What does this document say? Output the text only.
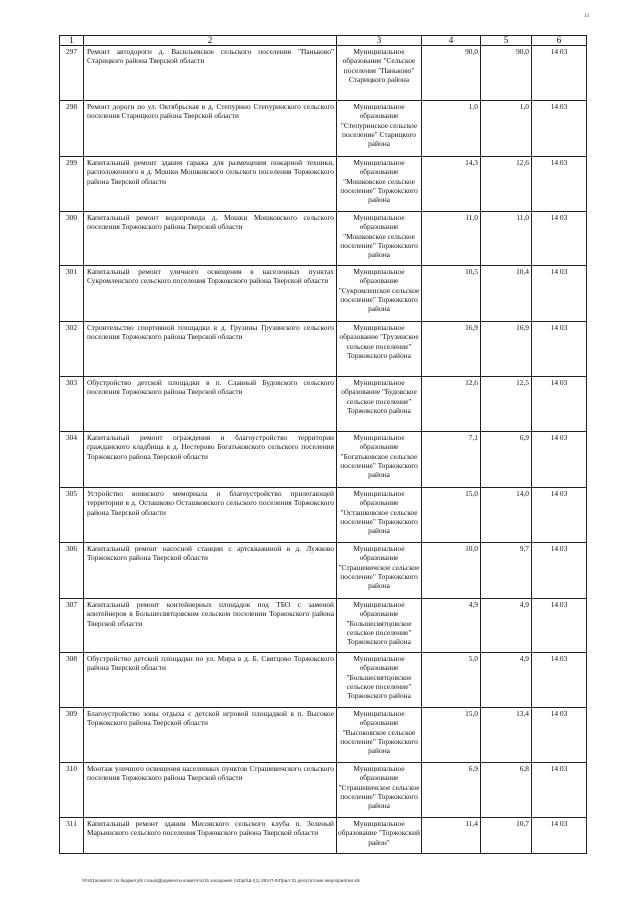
33
1	2	3	4	5	6
297	Ремонт автодороги д. Васильевское сельского поселения "Паньково" Старицкого района Тверской области	Муниципальное образование "Сельское поселение "Паньково" Старицкого района	90,0	90,0	14 03
298	Ремонт дороги по ул. Октябрьская в д. Степурино Степуринского сельского поселения Старицкого района Тверской области	Муниципальное образование "Степуринское сельское поселение" Старицкого района	1,0	1,0	14 03
299	Капитальный ремонт здания гаража для размещения пожарной техники, расположенного в д. Мошки Мошковского сельского поселения Торжокского района Тверской области	Муниципальное образование "Мошковское сельское поселение" Торжокского района	14,3	12,6	14 03
300	Капитальный ремонт водопровода д. Мошки Мошковского сельского поселения Торжокского района Тверской области	Муниципальное образование "Мошковское сельское поселение" Торжокского района	11,0	11,0	14 03
301	Капитальный ремонт уличного освещения в населенных пунктах Сукромленского сельского поселения Торжокского района Тверской области	Муниципальное образование "Сукромленское сельское поселение" Торжокского района	10,5	10,4	14 03
302	Строительство спортивной площадки в д. Грузины Грузинского сельского поселения Торжокского района Тверской области	Муниципальное образование "Грузинское сельское поселение" Торжокского района	16,9	16,9	14 03
303	Обустройство детской площадки в п. Славный Будовского сельского поселения Торжокского района Тверской области	Муниципальное образование "Будовское сельское поселение" Торжокского района	12,6	12,5	14 03
304	Капитальный ремонт ограждения и благоустройство территории гражданского кладбища в д. Нестерово Богатьковского сельского поселения Торжокского района Тверской области	Муниципальное образование "Богатьковское сельское поселение" Торжокского района	7,1	6,9	14 03
305	Устройство воинского мемориала и благоустройство прилегающей территории в д. Осташково Осташковского сельского поселения Торжокского района Тверской области	Муниципальное образование "Осташковское сельское поселение" Торжокского района	15,0	14,0	14 03
306	Капитальный ремонт насосной станции с артскважиной в д. Лужково Торжокского района Тверской области	Муниципальное образование "Страшевичское сельское поселение" Торжокского района	10,0	9,7	14 03
307	Капитальный ремонт контейнерных площадок под ТБО с заменой контейнеров в Большесвятцовском сельском поселении Торжокского района Тверской области	Муниципальное образование "Большесвятцовское сельское поселение" Торжокского района	4,9	4,9	14 03
308	Обустройство детской площадки по ул. Мира в д. Б. Святцово Торжокского района Тверской области	Муниципальное образование "Большесвятцовское сельское поселение" Торжокского района	5,0	4,9	14 03
309	Благоустройство зоны отдыха с детской игровой площадкой в п. Высокое Торжокского района Тверской области	Муниципальное образование "Высоковское сельское поселение" Торжокского района	15,0	13,4	14 03
310	Монтаж уличного освещения населенных пунктов Страшевичского сельского поселения Торжокского района Тверской области	Муниципальное образование "Страшевичское сельское поселение" Торжокского района	6,9	6,8	14 03
311	Капитальный ремонт здания Мисовского сельского клуба п. Зеленый Марьинского сельского поселения Торжокского района Тверской области	Муниципальное образование "Торжокский район"	11,4	10,7	14 03
\\Fs01\комитет по бюджету\6 созыв\Документы комитета\15 заседание (43\pr\Ш-\(1) 282-П-6\Прил 31 депутатские мероприятия.xls
